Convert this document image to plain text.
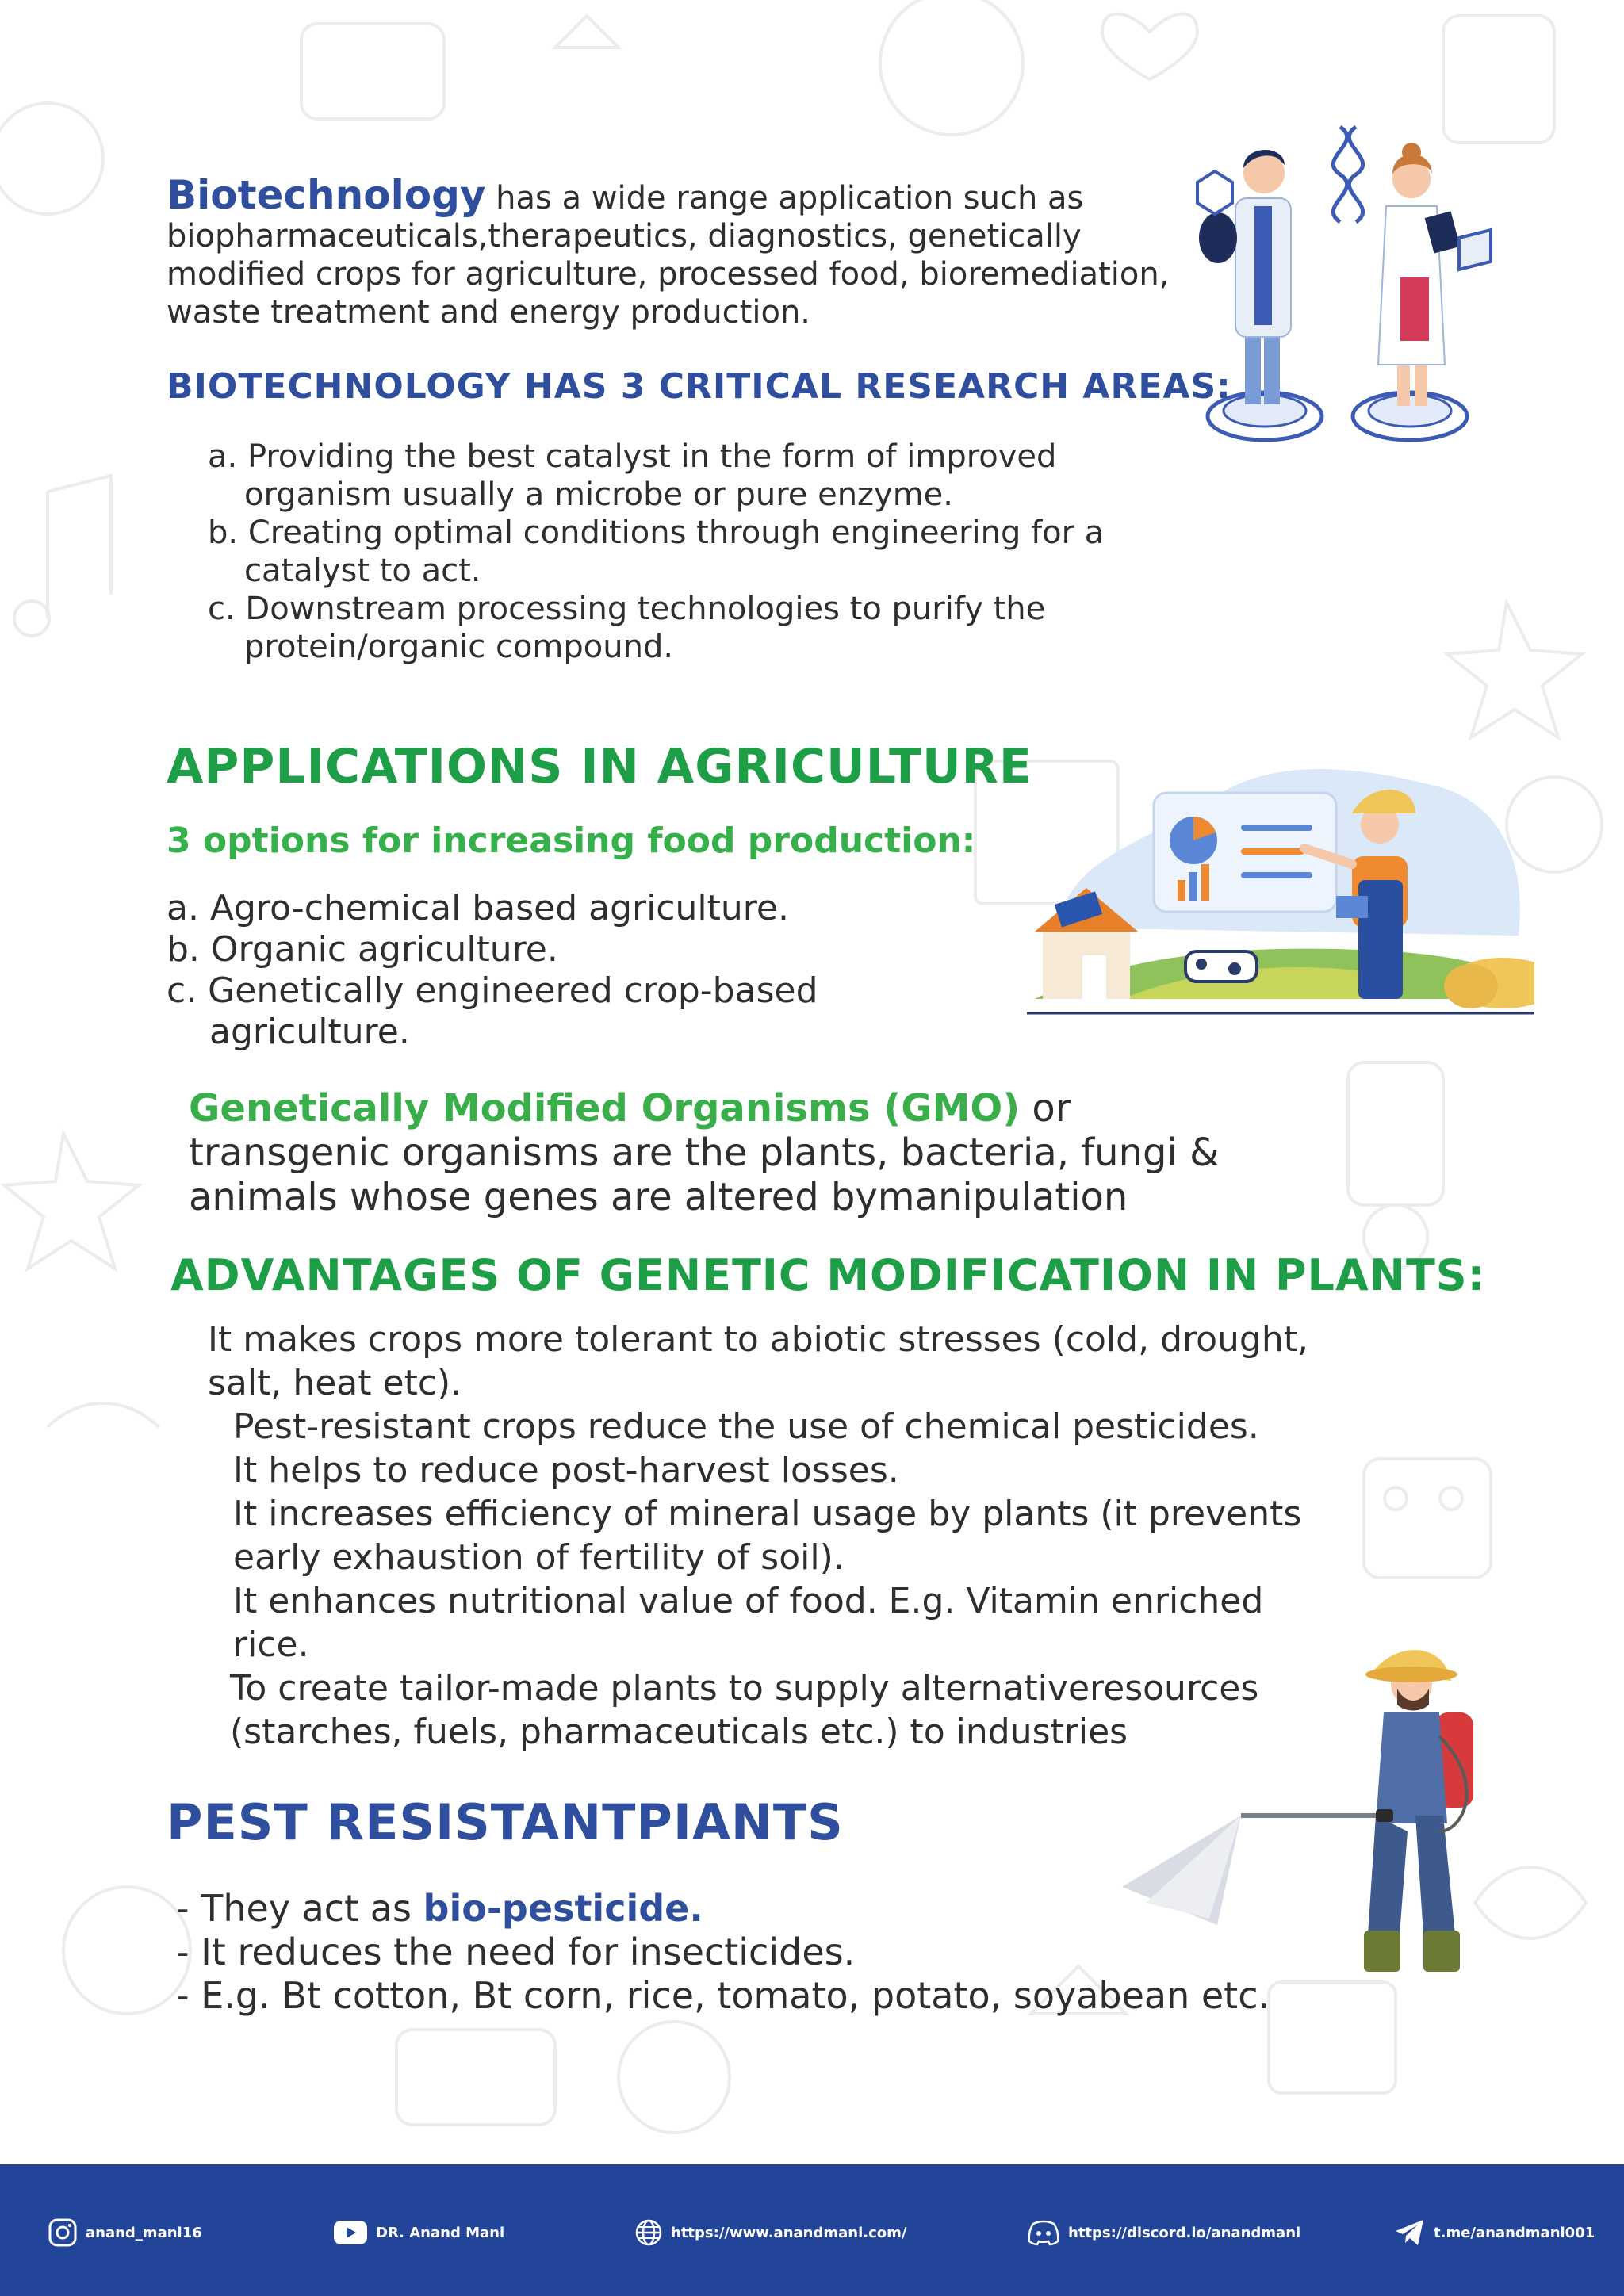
Biotechnology has a wide range application such as biopharmaceuticals,therapeutics, diagnostics, genetically modified crops for agriculture, processed food, bioremediation, waste treatment and energy production.
BIOTECHNOLOGY HAS 3 CRITICAL RESEARCH AREAS:
a. Providing the best catalyst in the form of improved organism usually a microbe or pure enzyme.
b. Creating optimal conditions through engineering for a catalyst to act.
c. Downstream processing technologies to purify the protein/organic compound.
APPLICATIONS IN AGRICULTURE
3 options for increasing food production:
a. Agro-chemical based agriculture.
b. Organic agriculture.
c. Genetically engineered crop-based agriculture.
Genetically Modified Organisms (GMO) or transgenic organisms are the plants, bacteria, fungi & animals whose genes are altered bymanipulation
ADVANTAGES OF GENETIC MODIFICATION IN PLANTS:

It makes crops more tolerant to abiotic stresses (cold, drought, salt, heat etc).

Pest-resistant crops reduce the use of chemical pesticides.

It helps to reduce post-harvest losses.

It increases efficiency of mineral usage by plants (it prevents early exhaustion of fertility of soil).

It enhances nutritional value of food. E.g. Vitamin enriched rice.

To create tailor-made plants to supply alternativeresources (starches, fuels, pharmaceuticals etc.) to industries

PEST RESISTANTPIANTS

- They act as bio-pesticide.

- It reduces the need for insecticides.

- E.g. Bt cotton, Bt corn, rice, tomato, potato, soyabean etc.

anand_mani16	DR. Anand Mani	https://www.anandmani.com/	https://discord.io/anandmani	t.me/anandmani001
